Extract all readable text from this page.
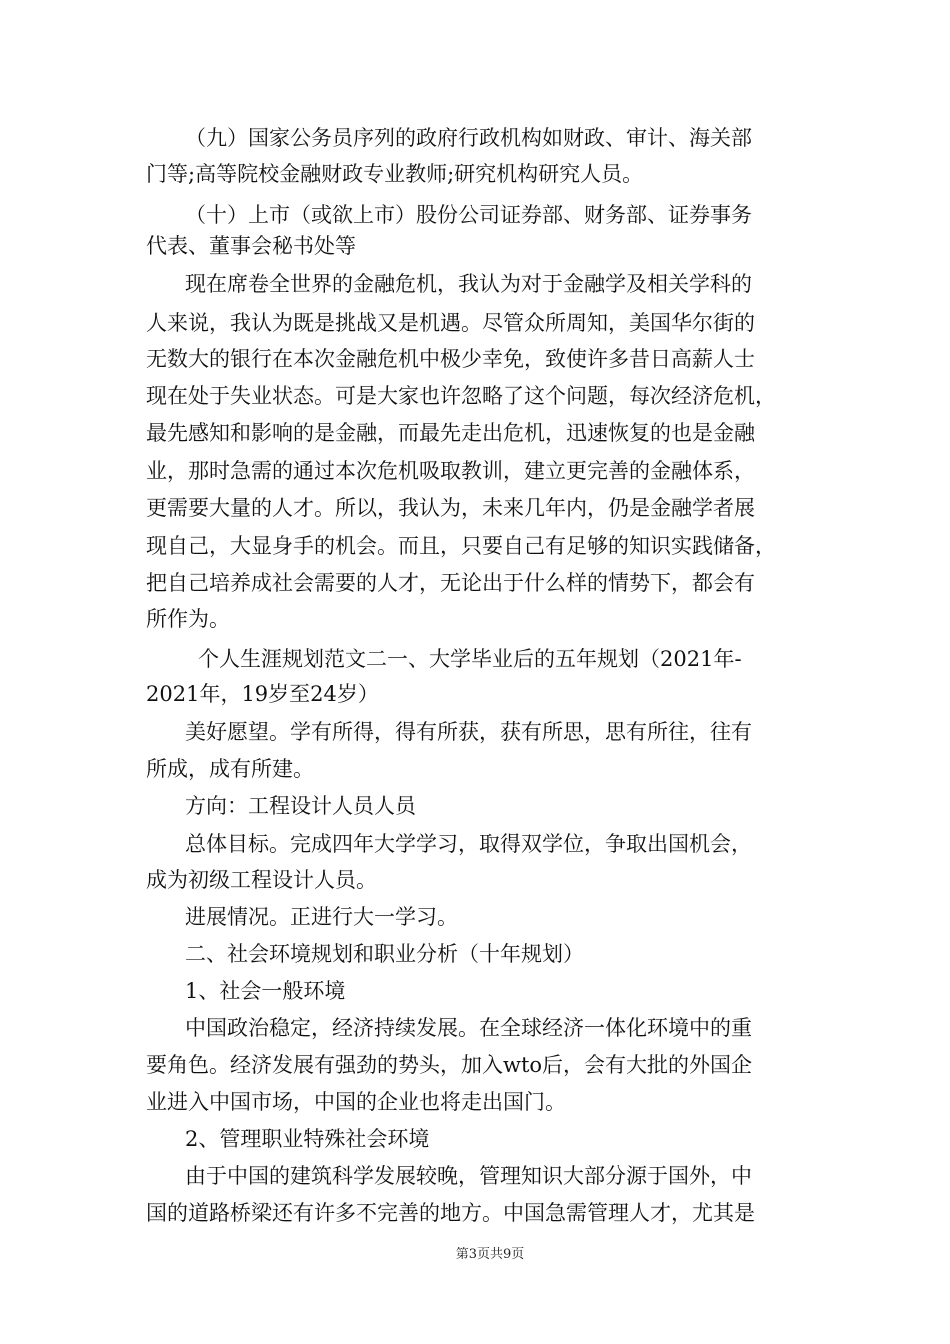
（九）国家公务员序列的政府行政机构如财政、审计、海关部
门等;高等院校金融财政专业教师;研究机构研究人员。
（十）上市（或欲上市）股份公司证券部、财务部、证券事务
代表、董事会秘书处等
现在席卷全世界的金融危机，我认为对于金融学及相关学科的
人来说，我认为既是挑战又是机遇。尽管众所周知，美国华尔街的
无数大的银行在本次金融危机中极少幸免，致使许多昔日高薪人士
现在处于失业状态。可是大家也许忽略了这个问题，每次经济危机，
最先感知和影响的是金融，而最先走出危机，迅速恢复的也是金融
业，那时急需的通过本次危机吸取教训，建立更完善的金融体系，
更需要大量的人才。所以，我认为，未来几年内，仍是金融学者展
现自己，大显身手的机会。而且，只要自己有足够的知识实践储备，
把自己培养成社会需要的人才，无论出于什么样的情势下，都会有
所作为。
个人生涯规划范文二一、大学毕业后的五年规划（2021年-
2021年，19岁至24岁）
美好愿望。学有所得，得有所获，获有所思，思有所往，往有
所成，成有所建。
方向：工程设计人员人员
总体目标。完成四年大学学习，取得双学位，争取出国机会，
成为初级工程设计人员。
进展情况。正进行大一学习。
二、社会环境规划和职业分析（十年规划）
1、社会一般环境
中国政治稳定，经济持续发展。在全球经济一体化环境中的重
要角色。经济发展有强劲的势头，加入wto后，会有大批的外国企
业进入中国市场，中国的企业也将走出国门。
2、管理职业特殊社会环境
由于中国的建筑科学发展较晚，管理知识大部分源于国外，中
国的道路桥梁还有许多不完善的地方。中国急需管理人才，尤其是
第3页共9页
